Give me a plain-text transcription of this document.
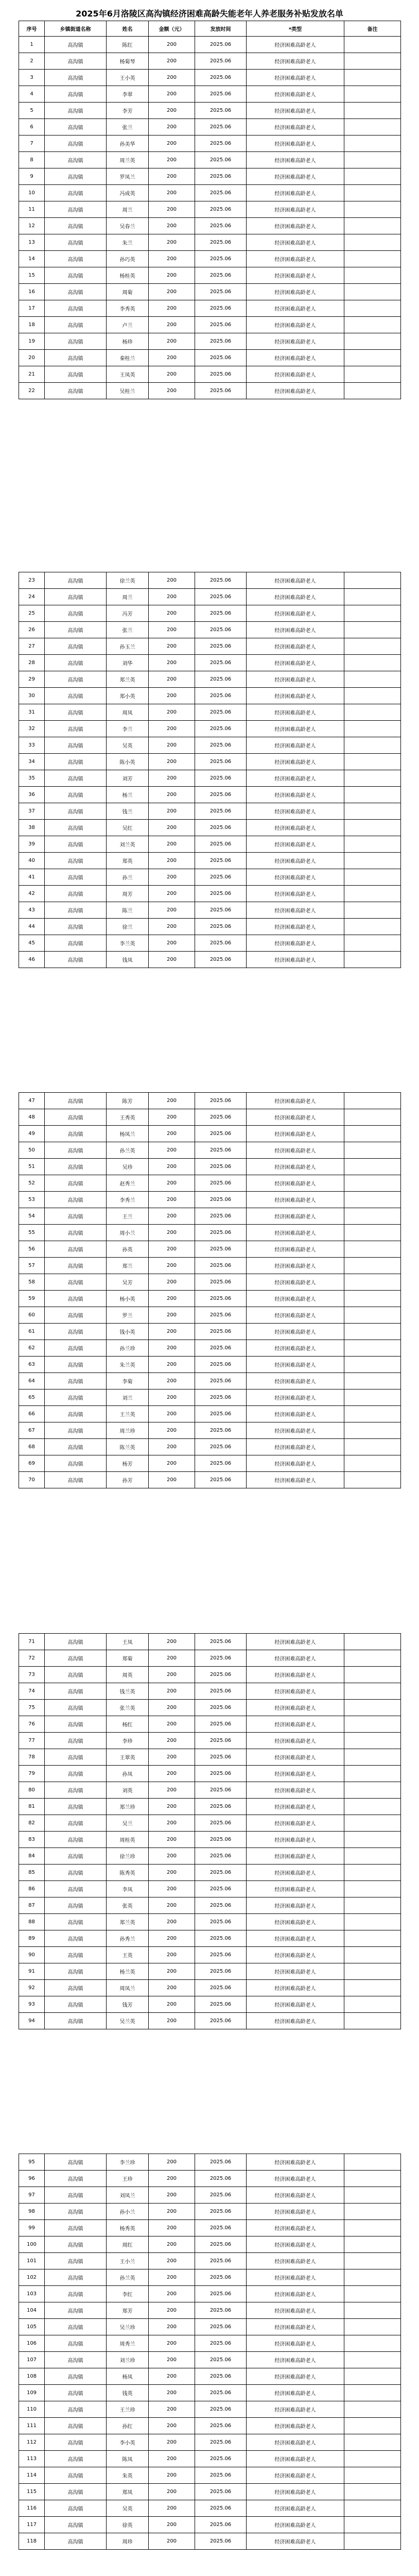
2025年6月洛陵区高沟镇经济困难高龄失能老年人养老服务补贴发放名单
序号	乡镇街道名称	姓名	金额（元）	发放时间	*类型	备注
1	高沟镇	陈红	200	2025.06	经济困难高龄老人	
2	高沟镇	杨菊琴	200	2025.06	经济困难高龄老人	
3	高沟镇	王小英	200	2025.06	经济困难高龄老人	
4	高沟镇	李翠	200	2025.06	经济困难高龄老人	
5	高沟镇	李芳	200	2025.06	经济困难高龄老人	
6	高沟镇	张兰	200	2025.06	经济困难高龄老人	
7	高沟镇	孙美华	200	2025.06	经济困难高龄老人	
8	高沟镇	周兰英	200	2025.06	经济困难高龄老人	
9	高沟镇	罗凤兰	200	2025.06	经济困难高龄老人	
10	高沟镇	冯成英	200	2025.06	经济困难高龄老人	
11	高沟镇	周兰	200	2025.06	经济困难高龄老人	
12	高沟镇	吴春兰	200	2025.06	经济困难高龄老人	
13	高沟镇	朱兰	200	2025.06	经济困难高龄老人	
14	高沟镇	孙巧英	200	2025.06	经济困难高龄老人	
15	高沟镇	杨桂英	200	2025.06	经济困难高龄老人	
16	高沟镇	周菊	200	2025.06	经济困难高龄老人	
17	高沟镇	李秀英	200	2025.06	经济困难高龄老人	
18	高沟镇	卢兰	200	2025.06	经济困难高龄老人	
19	高沟镇	杨珍	200	2025.06	经济困难高龄老人	
20	高沟镇	秦桂兰	200	2025.06	经济困难高龄老人	
21	高沟镇	王凤英	200	2025.06	经济困难高龄老人	
22	高沟镇	吴桂兰	200	2025.06	经济困难高龄老人	
23	高沟镇	徐兰英	200	2025.06	经济困难高龄老人	
24	高沟镇	周兰	200	2025.06	经济困难高龄老人	
25	高沟镇	冯芳	200	2025.06	经济困难高龄老人	
26	高沟镇	张兰	200	2025.06	经济困难高龄老人	
27	高沟镇	孙玉兰	200	2025.06	经济困难高龄老人	
28	高沟镇	刘华	200	2025.06	经济困难高龄老人	
29	高沟镇	郑兰英	200	2025.06	经济困难高龄老人	
30	高沟镇	郑小英	200	2025.06	经济困难高龄老人	
31	高沟镇	周凤	200	2025.06	经济困难高龄老人	
32	高沟镇	李兰	200	2025.06	经济困难高龄老人	
33	高沟镇	吴英	200	2025.06	经济困难高龄老人	
34	高沟镇	陈小英	200	2025.06	经济困难高龄老人	
35	高沟镇	刘芳	200	2025.06	经济困难高龄老人	
36	高沟镇	杨兰	200	2025.06	经济困难高龄老人	
37	高沟镇	钱兰	200	2025.06	经济困难高龄老人	
38	高沟镇	吴红	200	2025.06	经济困难高龄老人	
39	高沟镇	刘兰英	200	2025.06	经济困难高龄老人	
40	高沟镇	郑英	200	2025.06	经济困难高龄老人	
41	高沟镇	孙兰	200	2025.06	经济困难高龄老人	
42	高沟镇	周芳	200	2025.06	经济困难高龄老人	
43	高沟镇	陈兰	200	2025.06	经济困难高龄老人	
44	高沟镇	徐兰	200	2025.06	经济困难高龄老人	
45	高沟镇	李兰英	200	2025.06	经济困难高龄老人	
46	高沟镇	钱凤	200	2025.06	经济困难高龄老人	
47	高沟镇	陈芳	200	2025.06	经济困难高龄老人	
48	高沟镇	王秀英	200	2025.06	经济困难高龄老人	
49	高沟镇	杨凤兰	200	2025.06	经济困难高龄老人	
50	高沟镇	孙兰英	200	2025.06	经济困难高龄老人	
51	高沟镇	吴珍	200	2025.06	经济困难高龄老人	
52	高沟镇	赵秀兰	200	2025.06	经济困难高龄老人	
53	高沟镇	李秀兰	200	2025.06	经济困难高龄老人	
54	高沟镇	王兰	200	2025.06	经济困难高龄老人	
55	高沟镇	周小兰	200	2025.06	经济困难高龄老人	
56	高沟镇	孙英	200	2025.06	经济困难高龄老人	
57	高沟镇	郑兰	200	2025.06	经济困难高龄老人	
58	高沟镇	吴芳	200	2025.06	经济困难高龄老人	
59	高沟镇	杨小英	200	2025.06	经济困难高龄老人	
60	高沟镇	罗兰	200	2025.06	经济困难高龄老人	
61	高沟镇	钱小英	200	2025.06	经济困难高龄老人	
62	高沟镇	孙兰珍	200	2025.06	经济困难高龄老人	
63	高沟镇	朱兰英	200	2025.06	经济困难高龄老人	
64	高沟镇	李菊	200	2025.06	经济困难高龄老人	
65	高沟镇	刘兰	200	2025.06	经济困难高龄老人	
66	高沟镇	王兰英	200	2025.06	经济困难高龄老人	
67	高沟镇	周兰珍	200	2025.06	经济困难高龄老人	
68	高沟镇	陈兰英	200	2025.06	经济困难高龄老人	
69	高沟镇	杨芳	200	2025.06	经济困难高龄老人	
70	高沟镇	孙芳	200	2025.06	经济困难高龄老人	
71	高沟镇	王凤	200	2025.06	经济困难高龄老人	
72	高沟镇	郑菊	200	2025.06	经济困难高龄老人	
73	高沟镇	周英	200	2025.06	经济困难高龄老人	
74	高沟镇	钱兰英	200	2025.06	经济困难高龄老人	
75	高沟镇	张兰英	200	2025.06	经济困难高龄老人	
76	高沟镇	杨红	200	2025.06	经济困难高龄老人	
77	高沟镇	李珍	200	2025.06	经济困难高龄老人	
78	高沟镇	王翠英	200	2025.06	经济困难高龄老人	
79	高沟镇	孙凤	200	2025.06	经济困难高龄老人	
80	高沟镇	刘英	200	2025.06	经济困难高龄老人	
81	高沟镇	郑兰珍	200	2025.06	经济困难高龄老人	
82	高沟镇	吴兰	200	2025.06	经济困难高龄老人	
83	高沟镇	周桂英	200	2025.06	经济困难高龄老人	
84	高沟镇	徐兰珍	200	2025.06	经济困难高龄老人	
85	高沟镇	陈秀英	200	2025.06	经济困难高龄老人	
86	高沟镇	李凤	200	2025.06	经济困难高龄老人	
87	高沟镇	张英	200	2025.06	经济困难高龄老人	
88	高沟镇	郑兰英	200	2025.06	经济困难高龄老人	
89	高沟镇	孙秀兰	200	2025.06	经济困难高龄老人	
90	高沟镇	王英	200	2025.06	经济困难高龄老人	
91	高沟镇	杨兰英	200	2025.06	经济困难高龄老人	
92	高沟镇	周凤兰	200	2025.06	经济困难高龄老人	
93	高沟镇	钱芳	200	2025.06	经济困难高龄老人	
94	高沟镇	吴兰英	200	2025.06	经济困难高龄老人	
95	高沟镇	李兰珍	200	2025.06	经济困难高龄老人	
96	高沟镇	王珍	200	2025.06	经济困难高龄老人	
97	高沟镇	刘凤兰	200	2025.06	经济困难高龄老人	
98	高沟镇	孙小兰	200	2025.06	经济困难高龄老人	
99	高沟镇	杨秀英	200	2025.06	经济困难高龄老人	
100	高沟镇	周红	200	2025.06	经济困难高龄老人	
101	高沟镇	王小兰	200	2025.06	经济困难高龄老人	
102	高沟镇	孙兰英	200	2025.06	经济困难高龄老人	
103	高沟镇	李红	200	2025.06	经济困难高龄老人	
104	高沟镇	郑芳	200	2025.06	经济困难高龄老人	
105	高沟镇	吴兰珍	200	2025.06	经济困难高龄老人	
106	高沟镇	周秀兰	200	2025.06	经济困难高龄老人	
107	高沟镇	刘兰珍	200	2025.06	经济困难高龄老人	
108	高沟镇	杨凤	200	2025.06	经济困难高龄老人	
109	高沟镇	钱英	200	2025.06	经济困难高龄老人	
110	高沟镇	王兰珍	200	2025.06	经济困难高龄老人	
111	高沟镇	孙红	200	2025.06	经济困难高龄老人	
112	高沟镇	李小英	200	2025.06	经济困难高龄老人	
113	高沟镇	陈凤	200	2025.06	经济困难高龄老人	
114	高沟镇	朱英	200	2025.06	经济困难高龄老人	
115	高沟镇	郑凤	200	2025.06	经济困难高龄老人	
116	高沟镇	吴英	200	2025.06	经济困难高龄老人	
117	高沟镇	徐英	200	2025.06	经济困难高龄老人	
118	高沟镇	周珍	200	2025.06	经济困难高龄老人	
